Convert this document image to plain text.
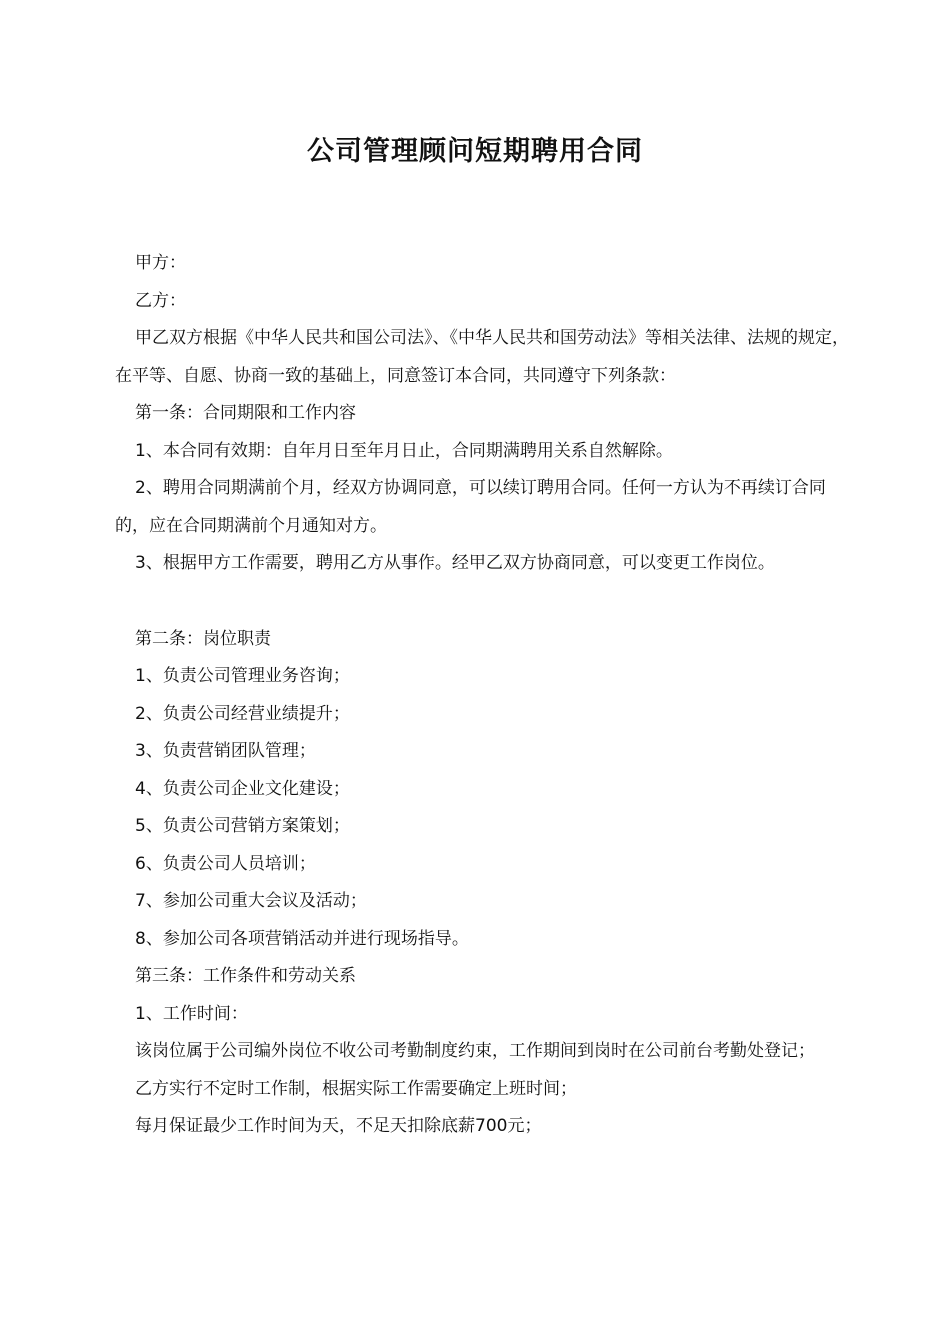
公司管理顾问短期聘用合同

甲方：

乙方：

甲乙双方根据《中华人民共和国公司法》、《中华人民共和国劳动法》等相关法律、法规的规定，在平等、自愿、协商一致的基础上，同意签订本合同，共同遵守下列条款：

第一条：合同期限和工作内容

1、本合同有效期：自年月日至年月日止，合同期满聘用关系自然解除。

2、聘用合同期满前个月，经双方协调同意，可以续订聘用合同。任何一方认为不再续订合同的，应在合同期满前个月通知对方。

3、根据甲方工作需要，聘用乙方从事作。经甲乙双方协商同意，可以变更工作岗位。

第二条：岗位职责

1、负责公司管理业务咨询；

2、负责公司经营业绩提升；

3、负责营销团队管理；

4、负责公司企业文化建设；

5、负责公司营销方案策划；

6、负责公司人员培训；

7、参加公司重大会议及活动；

8、参加公司各项营销活动并进行现场指导。

第三条：工作条件和劳动关系

1、工作时间：

该岗位属于公司编外岗位不收公司考勤制度约束，工作期间到岗时在公司前台考勤处登记；

乙方实行不定时工作制，根据实际工作需要确定上班时间；

每月保证最少工作时间为天，不足天扣除底薪700元；
